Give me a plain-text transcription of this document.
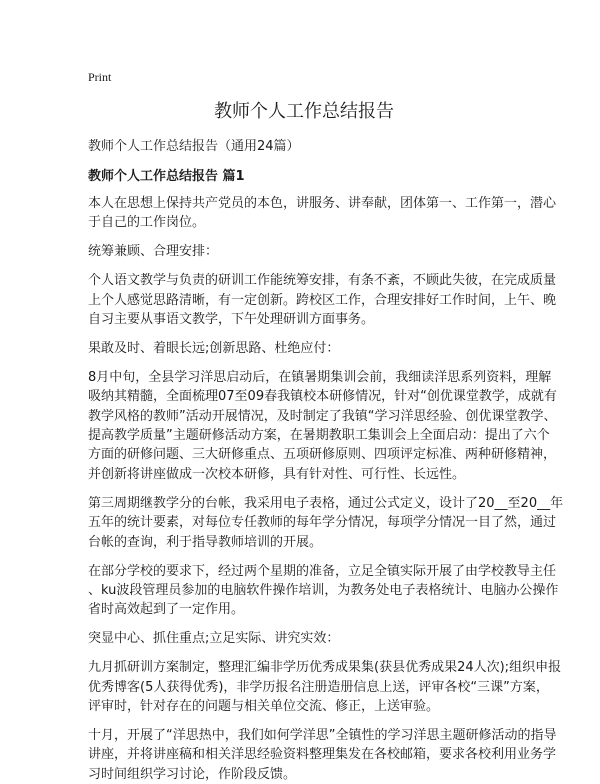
Print
教师个人工作总结报告
教师个人工作总结报告（通用24篇）
教师个人工作总结报告 篇1

本人在思想上保持共产党员的本色，讲服务、讲奉献，团体第一、工作第一，潜心
于自己的工作岗位。

统筹兼顾、合理安排：

个人语文教学与负责的研训工作能统筹安排，有条不紊，不顾此失彼，在完成质量
上个人感觉思路清晰，有一定创新。跨校区工作，合理安排好工作时间，上午、晚
自习主要从事语文教学，下午处理研训方面事务。

果敢及时、着眼长远;创新思路、杜绝应付：

8月中旬，全县学习洋思启动后，在镇暑期集训会前，我细读洋思系列资料，理解
吸纳其精髓，全面梳理07至09春我镇校本研修情况，针对“创优课堂教学，成就有
教学风格的教师”活动开展情况，及时制定了我镇“学习洋思经验、创优课堂教学、
提高教学质量”主题研修活动方案，在暑期教职工集训会上全面启动：提出了六个
方面的研修问题、三大研修重点、五项研修原则、四项评定标准、两种研修精神，
并创新将讲座做成一次校本研修，具有针对性、可行性、长远性。

第三周期继教学分的台帐，我采用电子表格，通过公式定义，设计了20__至20__年
五年的统计要素，对每位专任教师的每年学分情况，每项学分情况一目了然，通过
台帐的查询，利于指导教师培训的开展。

在部分学校的要求下，经过两个星期的准备，立足全镇实际开展了由学校教导主任
、ku波段管理员参加的电脑软件操作培训，为教务处电子表格统计、电脑办公操作
省时高效起到了一定作用。

突显中心、抓住重点;立足实际、讲究实效：

九月抓研训方案制定，整理汇编非学历优秀成果集(获县优秀成果24人次);组织申报
优秀博客(5人获得优秀)，非学历报名注册造册信息上送，评审各校“三课”方案，
评审时，针对存在的问题与相关单位交流、修正，上送审验。

十月，开展了“洋思热中，我们如何学洋思”全镇性的学习洋思主题研修活动的指导
讲座，并将讲座稿和相关洋思经验资料整理集发在各校邮箱，要求各校利用业务学
习时间组织学习讨论，作阶段反馈。
